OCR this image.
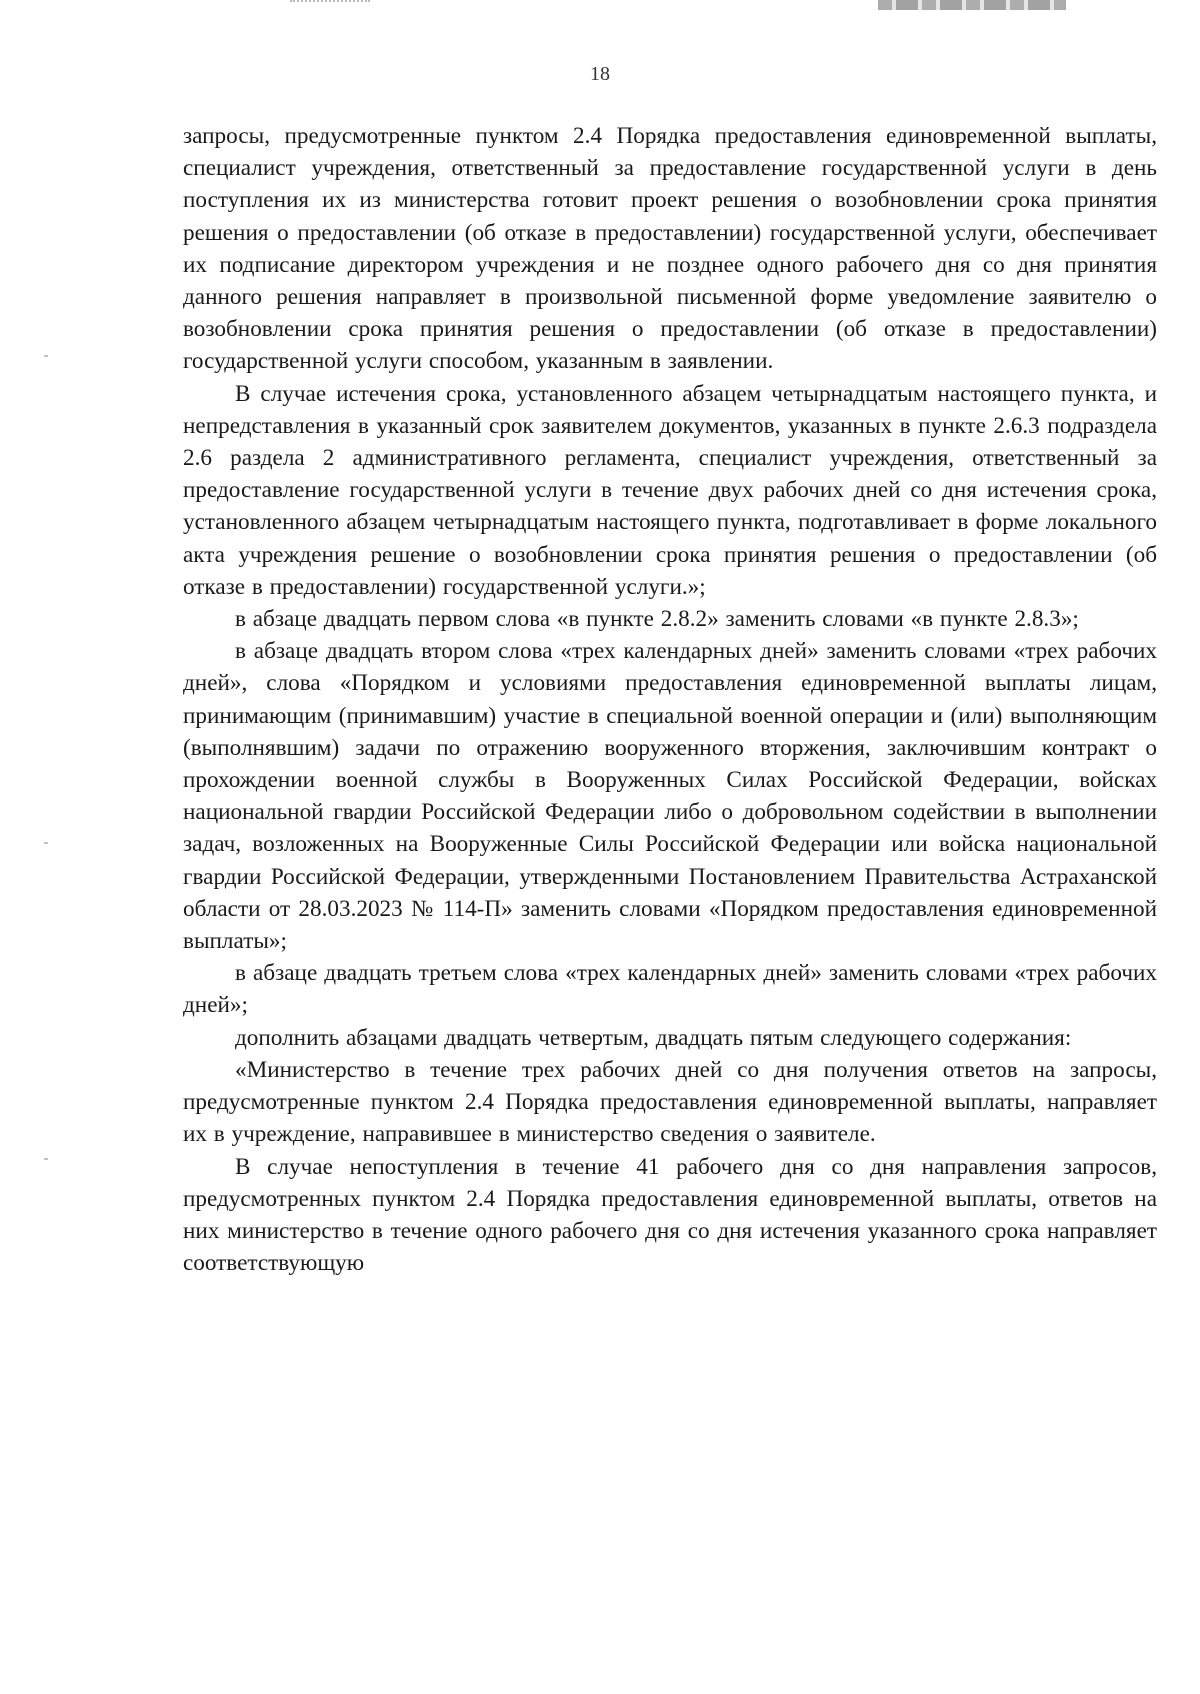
18

запросы, предусмотренные пунктом 2.4 Порядка предоставления единовременной выплаты, специалист учреждения, ответственный за предоставление государственной услуги в день поступления их из министерства готовит проект решения о возобновлении срока принятия решения о предоставлении (об отказе в предоставлении) государственной услуги, обеспечивает их подписание директором учреждения и не позднее одного рабочего дня со дня принятия данного решения направляет в произвольной письменной форме уведомление заявителю о возобновлении срока принятия решения о предоставлении (об отказе в предоставлении) государственной услуги способом, указанным в заявлении.

В случае истечения срока, установленного абзацем четырнадцатым настоящего пункта, и непредставления в указанный срок заявителем документов, указанных в пункте 2.6.3 подраздела 2.6 раздела 2 административного регламента, специалист учреждения, ответственный за предоставление государственной услуги в течение двух рабочих дней со дня истечения срока, установленного абзацем четырнадцатым настоящего пункта, подготавливает в форме локального акта учреждения решение о возобновлении срока принятия решения о предоставлении (об отказе в предоставлении) государственной услуги.»;

в абзаце двадцать первом слова «в пункте 2.8.2» заменить словами «в пункте 2.8.3»;

в абзаце двадцать втором слова «трех календарных дней» заменить словами «трех рабочих дней», слова «Порядком и условиями предоставления единовременной выплаты лицам, принимающим (принимавшим) участие в специальной военной операции и (или) выполняющим (выполнявшим) задачи по отражению вооруженного вторжения, заключившим контракт о прохождении военной службы в Вооруженных Силах Российской Федерации, войсках национальной гвардии Российской Федерации либо о добровольном содействии в выполнении задач, возложенных на Вооруженные Силы Российской Федерации или войска национальной гвардии Российской Федерации, утвержденными Постановлением Правительства Астраханской области от 28.03.2023 № 114-П» заменить словами «Порядком предоставления единовременной выплаты»;

в абзаце двадцать третьем слова «трех календарных дней» заменить словами «трех рабочих дней»;

дополнить абзацами двадцать четвертым, двадцать пятым следующего содержания:

«Министерство в течение трех рабочих дней со дня получения ответов на запросы, предусмотренные пунктом 2.4 Порядка предоставления единовременной выплаты, направляет их в учреждение, направившее в министерство сведения о заявителе.

В случае непоступления в течение 41 рабочего дня со дня направления запросов, предусмотренных пунктом 2.4 Порядка предоставления единовременной выплаты, ответов на них министерство в течение одного рабочего дня со дня истечения указанного срока направляет соответствующую
